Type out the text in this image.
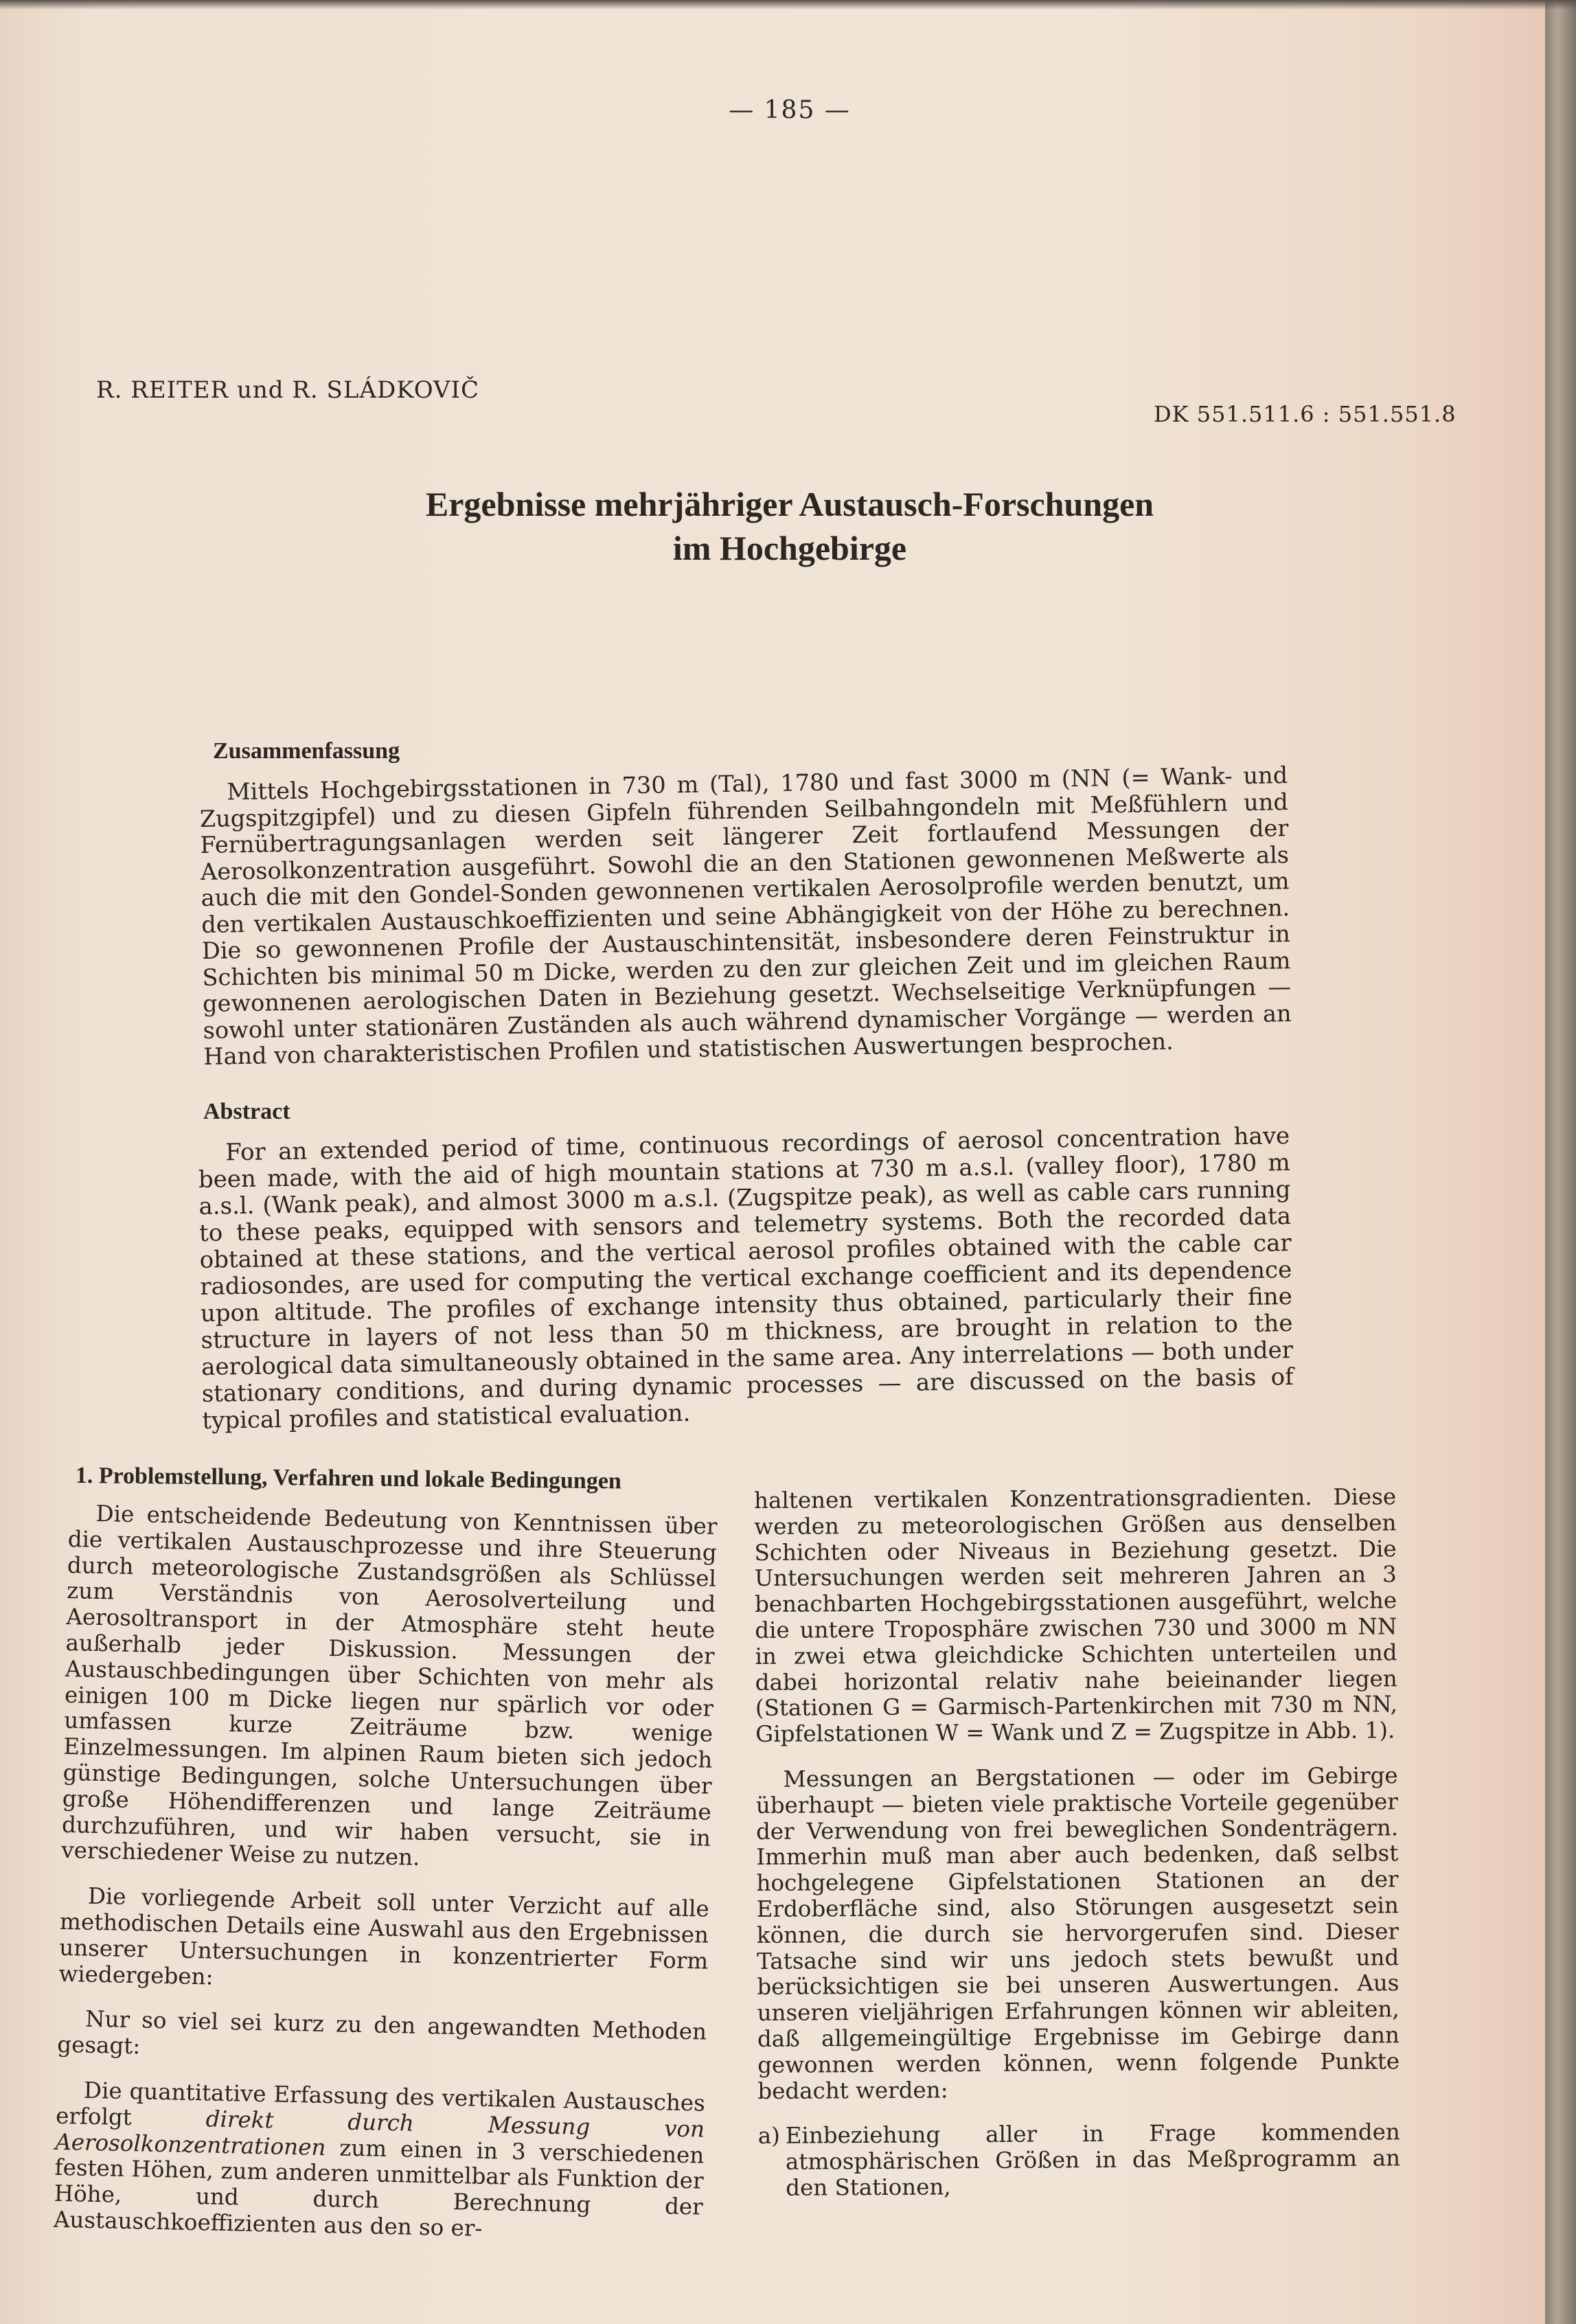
— 185 —
R. REITER und R. SLÁDKOVIČ
DK 551.511.6 : 551.551.8
Ergebnisse mehrjähriger Austausch-Forschungen
im Hochgebirge
Zusammenfassung

Mittels Hochgebirgsstationen in 730 m (Tal), 1780 und fast 3000 m (NN (= Wank- und Zugspitzgipfel) und zu diesen Gipfeln führenden Seilbahngondeln mit Meßfühlern und Fernübertragungsanlagen werden seit längerer Zeit fortlaufend Messungen der Aerosolkonzentration ausgeführt. Sowohl die an den Stationen gewonnenen Meßwerte als auch die mit den Gondel-Sonden gewonnenen vertikalen Aerosolprofile werden benutzt, um den vertikalen Austauschkoeffizienten und seine Abhängigkeit von der Höhe zu berechnen. Die so gewonnenen Profile der Austauschintensität, insbesondere deren Feinstruktur in Schichten bis minimal 50 m Dicke, werden zu den zur gleichen Zeit und im gleichen Raum gewonnenen aerologischen Daten in Beziehung gesetzt. Wechselseitige Verknüpfungen — sowohl unter stationären Zuständen als auch während dynamischer Vorgänge — werden an Hand von charakteristischen Profilen und statistischen Auswertungen besprochen.

Abstract

For an extended period of time, continuous recordings of aerosol concentration have been made, with the aid of high mountain stations at 730 m a.s.l. (valley floor), 1780 m a.s.l. (Wank peak), and almost 3000 m a.s.l. (Zugspitze peak), as well as cable cars running to these peaks, equipped with sensors and telemetry systems. Both the recorded data obtained at these stations, and the vertical aerosol profiles obtained with the cable car radiosondes, are used for computing the vertical exchange coefficient and its dependence upon altitude. The profiles of exchange intensity thus obtained, particularly their fine structure in layers of not less than 50 m thickness, are brought in relation to the aerological data simultaneously obtained in the same area. Any interrelations — both under stationary conditions, and during dynamic processes — are discussed on the basis of typical profiles and statistical evaluation.

1. Problemstellung, Verfahren und lokale Bedingungen

Die entscheidende Bedeutung von Kenntnissen über die vertikalen Austauschprozesse und ihre Steuerung durch meteorologische Zustandsgrößen als Schlüssel zum Verständnis von Aerosolverteilung und Aerosoltransport in der Atmosphäre steht heute außerhalb jeder Diskussion. Messungen der Austauschbedingungen über Schichten von mehr als einigen 100 m Dicke liegen nur spärlich vor oder umfassen kurze Zeiträume bzw. wenige Einzelmessungen. Im alpinen Raum bieten sich jedoch günstige Bedingungen, solche Untersuchungen über große Höhendifferenzen und lange Zeiträume durchzuführen, und wir haben versucht, sie in verschiedener Weise zu nutzen.

Die vorliegende Arbeit soll unter Verzicht auf alle methodischen Details eine Auswahl aus den Ergebnissen unserer Untersuchungen in konzentrierter Form wiedergeben:

Nur so viel sei kurz zu den angewandten Methoden gesagt:

Die quantitative Erfassung des vertikalen Austausches erfolgt direkt durch Messung von Aerosolkonzentrationen zum einen in 3 verschiedenen festen Höhen, zum anderen unmittelbar als Funktion der Höhe, und durch Berechnung der Austauschkoeffizienten aus den so er-

haltenen vertikalen Konzentrationsgradienten. Diese werden zu meteorologischen Größen aus denselben Schichten oder Niveaus in Beziehung gesetzt. Die Untersuchungen werden seit mehreren Jahren an 3 benachbarten Hochgebirgsstationen ausgeführt, welche die untere Troposphäre zwischen 730 und 3000 m NN in zwei etwa gleichdicke Schichten unterteilen und dabei horizontal relativ nahe beieinander liegen (Stationen G = Garmisch-Partenkirchen mit 730 m NN, Gipfelstationen W = Wank und Z = Zugspitze in Abb. 1).

Messungen an Bergstationen — oder im Gebirge überhaupt — bieten viele praktische Vorteile gegenüber der Verwendung von frei beweglichen Sondenträgern. Immerhin muß man aber auch bedenken, daß selbst hochgelegene Gipfelstationen Stationen an der Erdoberfläche sind, also Störungen ausgesetzt sein können, die durch sie hervorgerufen sind. Dieser Tatsache sind wir uns jedoch stets bewußt und berücksichtigen sie bei unseren Auswertungen. Aus unseren vieljährigen Erfahrungen können wir ableiten, daß allgemeingültige Ergebnisse im Gebirge dann gewonnen werden können, wenn folgende Punkte bedacht werden:

a) Einbeziehung aller in Frage kommenden atmosphärischen Größen in das Meßprogramm an den Stationen,
